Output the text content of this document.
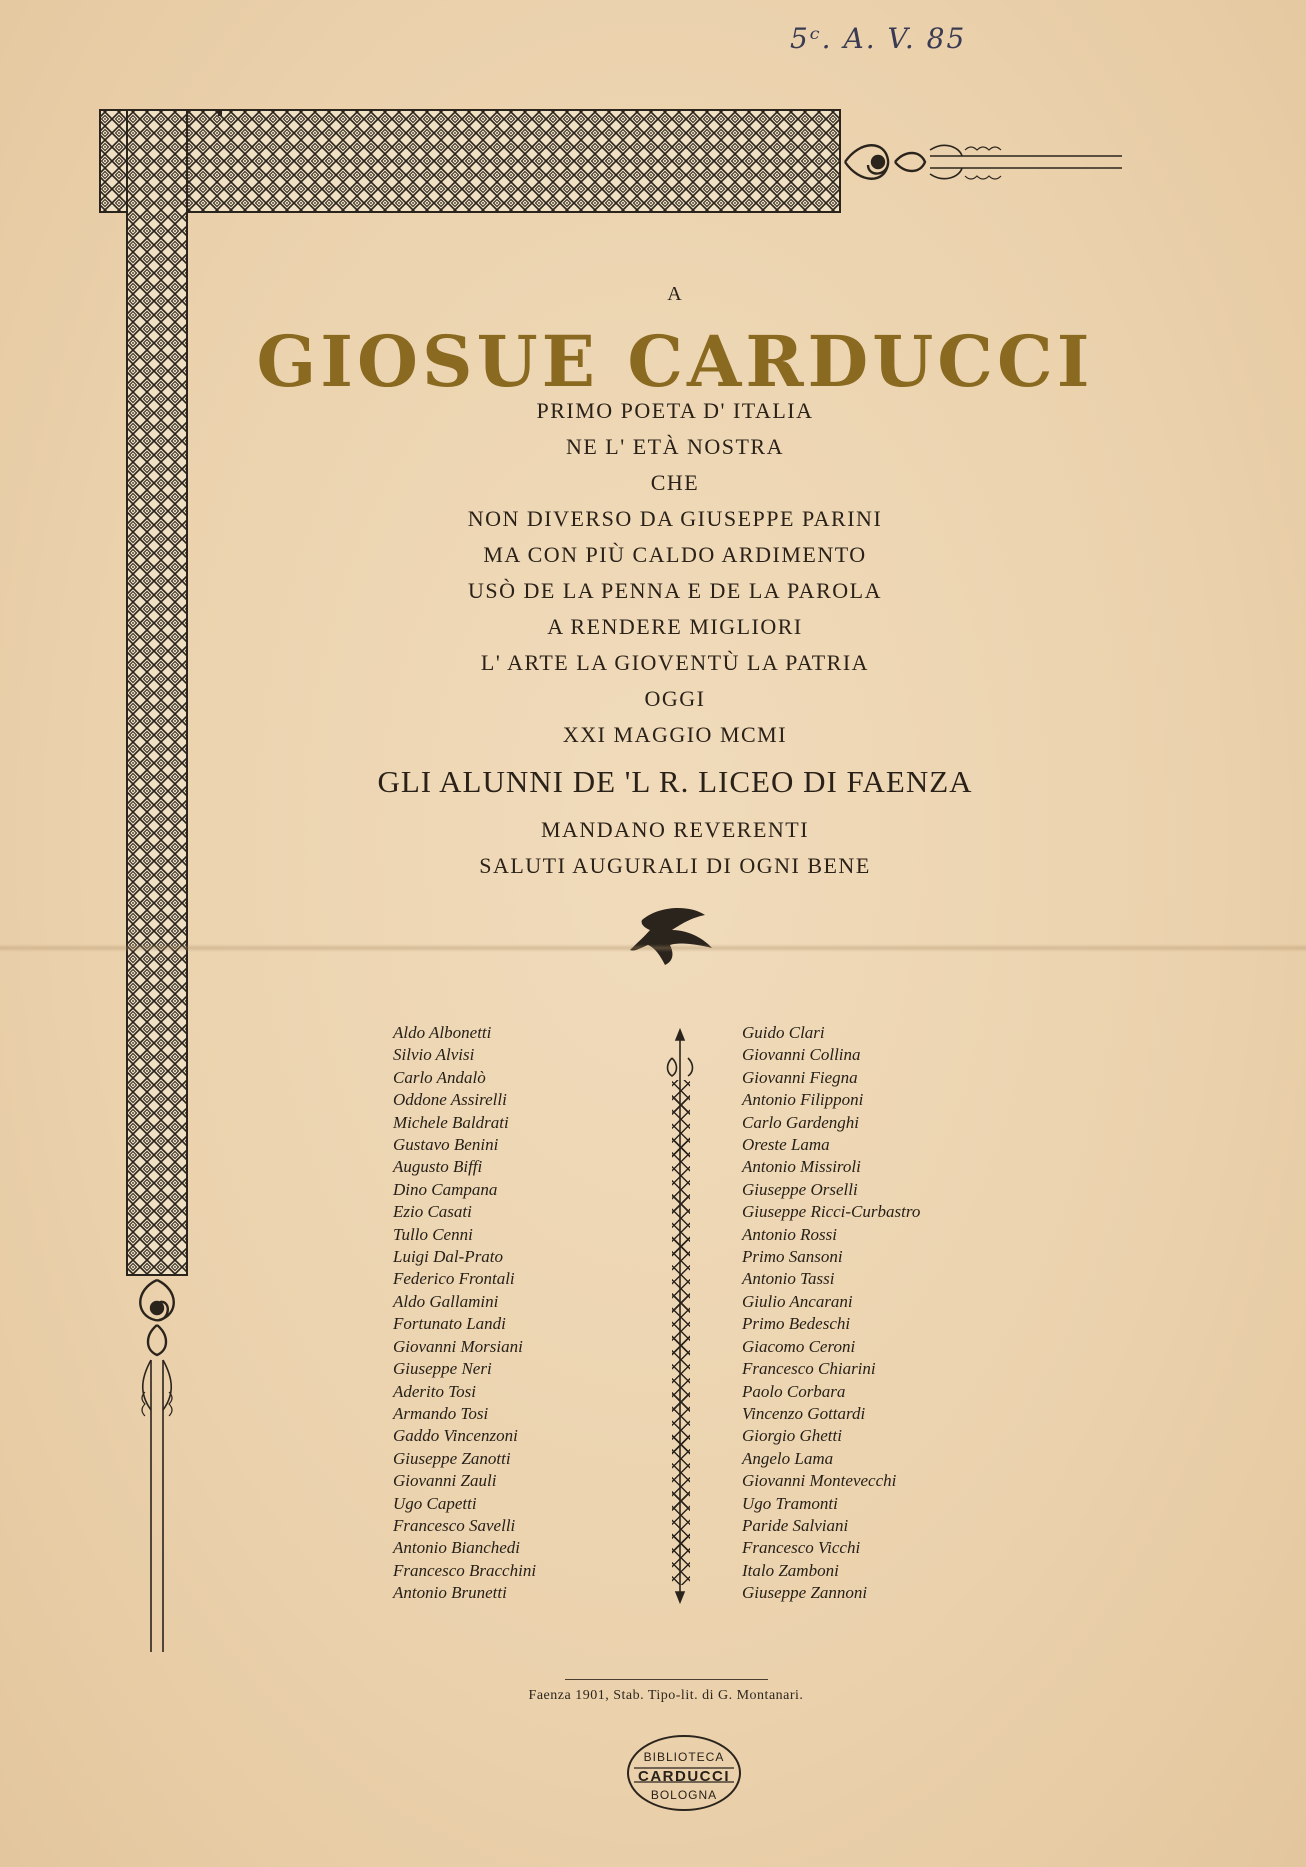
5ᶜ. A. V. 85
A
GIOSUE CARDUCCI
PRIMO POETA D' ITALIA
NE L' ETÀ NOSTRA
CHE
NON DIVERSO DA GIUSEPPE PARINI
MA CON PIÙ CALDO ARDIMENTO
USÒ DE LA PENNA E DE LA PAROLA
A RENDERE MIGLIORI
L' ARTE LA GIOVENTÙ LA PATRIA
OGGI
XXI MAGGIO MCMI
GLI ALUNNI DE 'L R. LICEO DI FAENZA
MANDANO REVERENTI
SALUTI AUGURALI DI OGNI BENE
Aldo Albonetti
Silvio Alvisi
Carlo Andalò
Oddone Assirelli
Michele Baldrati
Gustavo Benini
Augusto Biffi
Dino Campana
Ezio Casati
Tullo Cenni
Luigi Dal-Prato
Federico Frontali
Aldo Gallamini
Fortunato Landi
Giovanni Morsiani
Giuseppe Neri
Aderito Tosi
Armando Tosi
Gaddo Vincenzoni
Giuseppe Zanotti
Giovanni Zauli
Ugo Capetti
Francesco Savelli
Antonio Bianchedi
Francesco Bracchini
Antonio Brunetti
Guido Clari
Giovanni Collina
Giovanni Fiegna
Antonio Filipponi
Carlo Gardenghi
Oreste Lama
Antonio Missiroli
Giuseppe Orselli
Giuseppe Ricci-Curbastro
Antonio Rossi
Primo Sansoni
Antonio Tassi
Giulio Ancarani
Primo Bedeschi
Giacomo Ceroni
Francesco Chiarini
Paolo Corbara
Vincenzo Gottardi
Giorgio Ghetti
Angelo Lama
Giovanni Montevecchi
Ugo Tramonti
Paride Salviani
Francesco Vicchi
Italo Zamboni
Giuseppe Zannoni
Faenza 1901, Stab. Tipo-lit. di G. Montanari.
BIBLIOTECA
CARDUCCI
BOLOGNA
